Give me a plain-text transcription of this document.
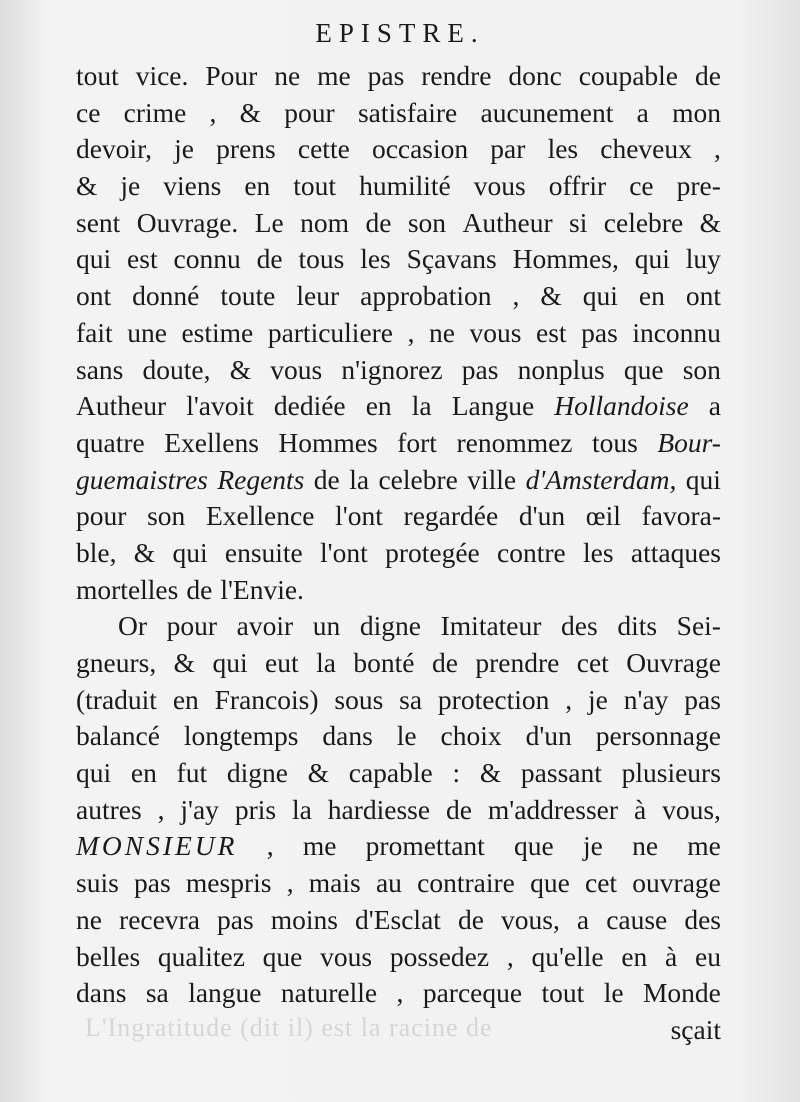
EPISTRE.
tout vice. Pour ne me pas rendre donc coupable de
ce crime , & pour satisfaire aucunement a mon
devoir, je prens cette occasion par les cheveux ,
& je viens en tout humilité vous offrir ce pre-
sent Ouvrage. Le nom de son Autheur si celebre &
qui est connu de tous les Sçavans Hommes, qui luy
ont donné toute leur approbation , & qui en ont
fait une estime particuliere , ne vous est pas inconnu
sans doute, & vous n'ignorez pas nonplus que son
Autheur l'avoit dediée en la Langue Hollandoise a
quatre Exellens Hommes fort renommez tous Bour-
guemaistres Regents de la celebre ville d'Amsterdam, qui
pour son Exellence l'ont regardée d'un œil favora-
ble, & qui ensuite l'ont protegée contre les attaques
mortelles de l'Envie.
Or pour avoir un digne Imitateur des dits Sei-
gneurs, & qui eut la bonté de prendre cet Ouvrage
(traduit en Francois) sous sa protection , je n'ay pas
balancé longtemps dans le choix d'un personnage
qui en fut digne & capable : & passant plusieurs
autres , j'ay pris la hardiesse de m'addresser à vous,
MONSIEUR , me promettant que je ne me
suis pas mespris , mais au contraire que cet ouvrage
ne recevra pas moins d'Esclat de vous, a cause des
belles qualitez que vous possedez , qu'elle en à eu
dans sa langue naturelle , parceque tout le Monde
sçait
L'Ingratitude (dit il) est la racine de
